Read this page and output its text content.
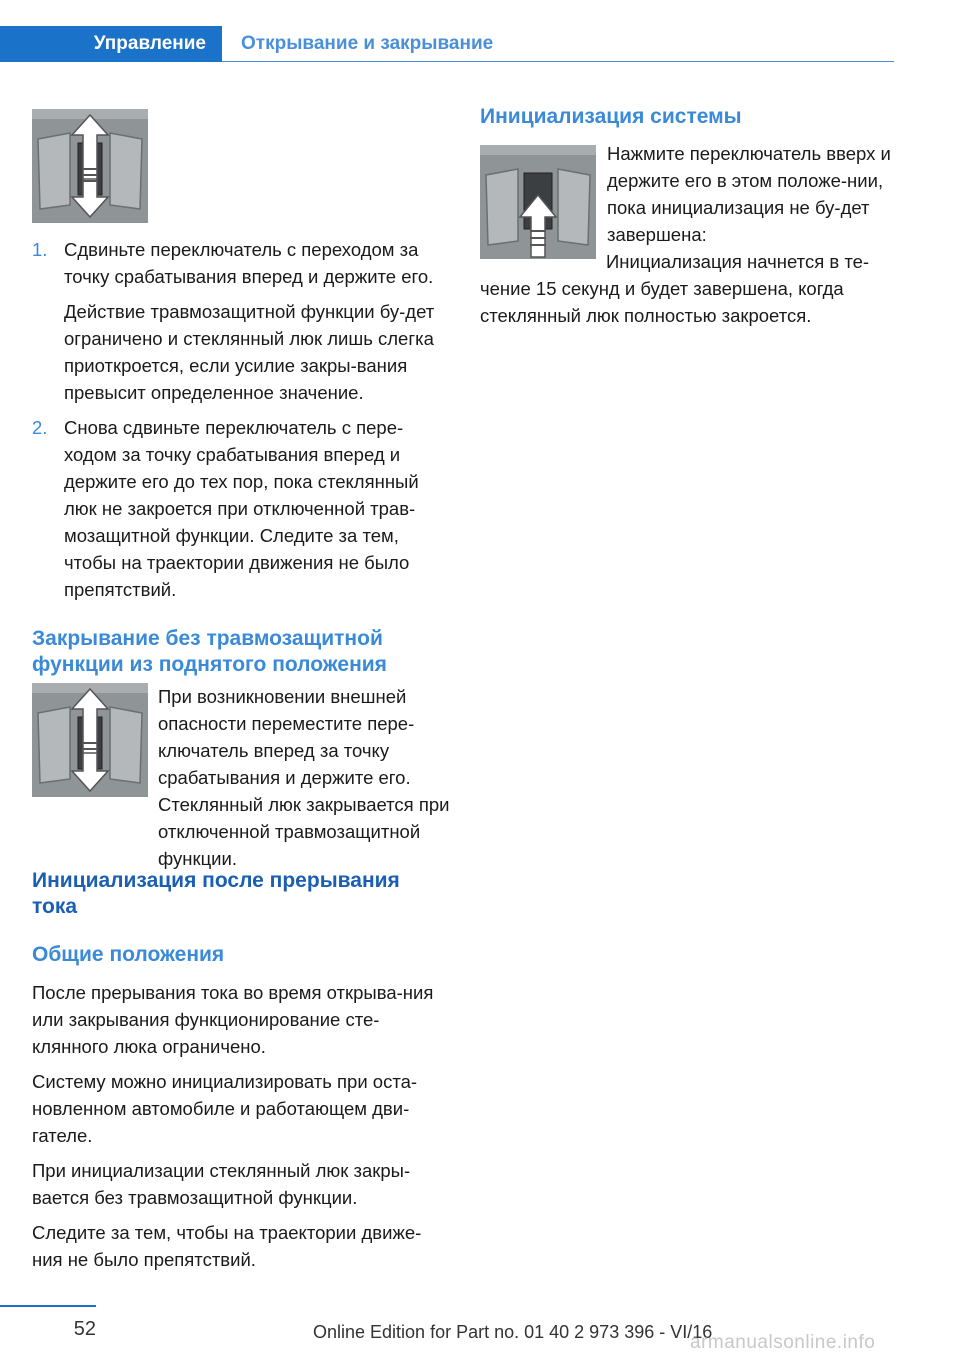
Управление	Открывание и закрывание
1. Сдвиньте переключатель с переходом за точку срабатывания вперед и держите его.

Действие травмозащитной функции бу-дет ограничено и стеклянный люк лишь слегка приоткроется, если усилие закры-вания превысит определенное значение.

2. Снова сдвиньте переключатель с пере-ходом за точку срабатывания вперед и держите его до тех пор, пока стеклянный люк не закроется при отключенной трав-мозащитной функции. Следите за тем, чтобы на траектории движения не было препятствий.

Закрывание без травмозащитной функции из поднятого положения

При возникновении внешней опасности переместите пере-ключатель вперед за точку срабатывания и держите его.

Стеклянный люк закрывается при отключенной травмозащитной функции.

Инициализация после прерывания тока
Общие положения

После прерывания тока во время открыва-ния или закрывания функционирование сте-клянного люка ограничено.

Систему можно инициализировать при оста-новленном автомобиле и работающем дви-гателе.

При инициализации стеклянный люк закры-вается без травмозащитной функции.

Следите за тем, чтобы на траектории движе-ния не было препятствий.

Инициализация системы

Нажмите переключатель вверх и держите его в этом положе-нии, пока инициализация не бу-дет завершена:

Инициализация начнется в те-чение 15 секунд и будет завершена, когда стеклянный люк полностью закроется.

52	Online Edition for Part no. 01 40 2 973 396 - VI/16
armanualsonline.info
